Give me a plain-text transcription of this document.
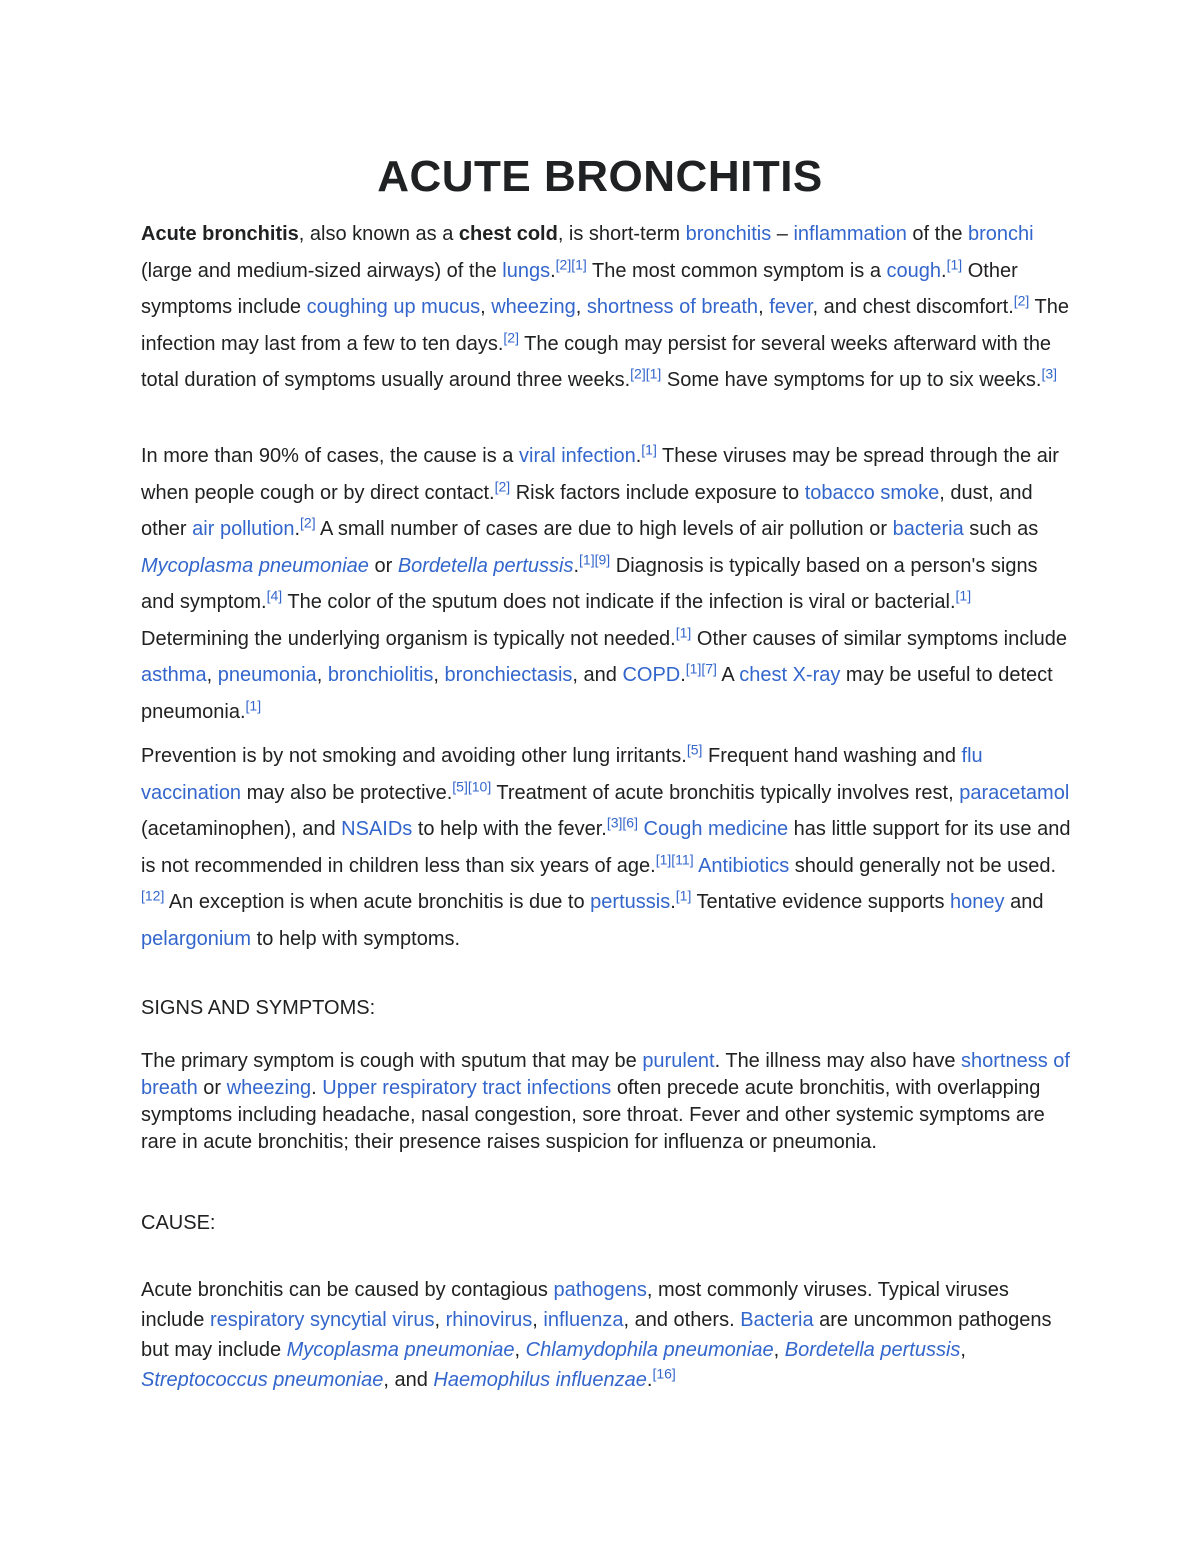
ACUTE BRONCHITIS

Acute bronchitis, also known as a chest cold, is short-term bronchitis – inflammation of the bronchi (large and medium-sized airways) of the lungs.[2][1] The most common symptom is a cough.[1] Other symptoms include coughing up mucus, wheezing, shortness of breath, fever, and chest discomfort.[2] The infection may last from a few to ten days.[2] The cough may persist for several weeks afterward with the total duration of symptoms usually around three weeks.[2][1] Some have symptoms for up to six weeks.[3]

In more than 90% of cases, the cause is a viral infection.[1] These viruses may be spread through the air when people cough or by direct contact.[2] Risk factors include exposure to tobacco smoke, dust, and other air pollution.[2] A small number of cases are due to high levels of air pollution or bacteria such as Mycoplasma pneumoniae or Bordetella pertussis.[1][9] Diagnosis is typically based on a person's signs and symptom.[4] The color of the sputum does not indicate if the infection is viral or bacterial.[1] Determining the underlying organism is typically not needed.[1] Other causes of similar symptoms include asthma, pneumonia, bronchiolitis, bronchiectasis, and COPD.[1][7] A chest X-ray may be useful to detect pneumonia.[1]

Prevention is by not smoking and avoiding other lung irritants.[5] Frequent hand washing and flu vaccination may also be protective.[5][10] Treatment of acute bronchitis typically involves rest, paracetamol (acetaminophen), and NSAIDs to help with the fever.[3][6] Cough medicine has little support for its use and is not recommended in children less than six years of age.[1][11] Antibiotics should generally not be used.[12] An exception is when acute bronchitis is due to pertussis.[1] Tentative evidence supports honey and pelargonium to help with symptoms.

SIGNS AND SYMPTOMS:

The primary symptom is cough with sputum that may be purulent. The illness may also have shortness of breath or wheezing. Upper respiratory tract infections often precede acute bronchitis, with overlapping symptoms including headache, nasal congestion, sore throat. Fever and other systemic symptoms are rare in acute bronchitis; their presence raises suspicion for influenza or pneumonia.

CAUSE:

Acute bronchitis can be caused by contagious pathogens, most commonly viruses. Typical viruses include respiratory syncytial virus, rhinovirus, influenza, and others. Bacteria are uncommon pathogens but may include Mycoplasma pneumoniae, Chlamydophila pneumoniae, Bordetella pertussis, Streptococcus pneumoniae, and Haemophilus influenzae.[16]
